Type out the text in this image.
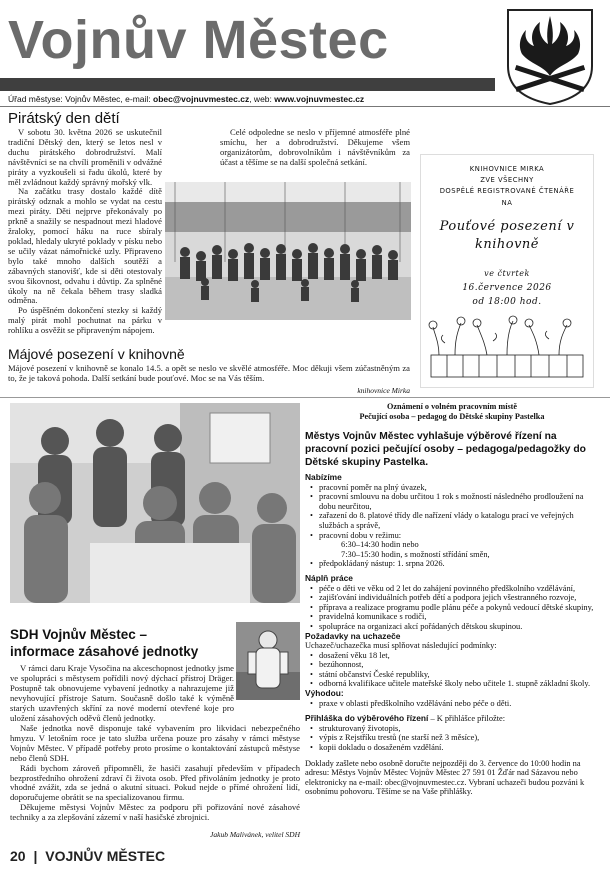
Vojnův Městec
Úřad městyse: Vojnův Městec, e-mail: obec@vojnuvmestec.cz, web: www.vojnuvmestec.cz
Pirátský den dětí

V sobotu 30. května 2026 se uskutečnil tradiční Dětský den, který se letos nesl v duchu pirátského dobrodružství. Malí návštěvníci se na chvíli proměnili v odvážné piráty a vyzkoušeli si řadu úkolů, které by měl zvládnout každý správný mořský vlk.

Na začátku trasy dostalo každé dítě pirátský odznak a mohlo se vydat na cestu mezi piráty. Děti nejprve překonávaly po prkně a snažily se nespadnout mezi hladové žraloky, pomocí háku na ruce sbíraly poklad, hledaly ukryté poklady v písku nebo se učily vázat námořnické uzly. Připraveno bylo také mnoho dalších soutěží a zábavných stanovišť, kde si děti otestovaly svou šikovnost, odvahu i důvtip. Za splněné úkoly na ně čekala během trasy sladká odměna.

Po úspěšném dokončení stezky si každý malý pirát mohl pochutnat na párku v rohlíku a osvěžit se připraveným nápojem.

Celé odpoledne se neslo v příjemné atmosféře plné smíchu, her a dobrodružství. Děkujeme všem organizátorům, dobrovolníkům i návštěvníkům za účast a těšíme se na další společná setkání.

KNIHOVNICE MIRKA
ZVE VŠECHNY
DOSPĚLÉ REGISTROVANÉ ČTENÁŘE
NA
Pouťové posezení v
knihovně
ve čtvrtek
16.července 2026
od 18:00 hod.
Májové posezení v knihovně
Májové posezení v knihovně se konalo 14.5. a opět se neslo ve skvělé atmosféře. Moc děkuji všem zúčastněným za to, že je taková pohoda. Další setkání bude pouťové. Moc se na Vás těším.
knihovnice Mirka
SDH Vojnův Městec –
informace zásahové jednotky

V rámci daru Kraje Vysočina na akceschopnost jednotky jsme ve spolupráci s městysem pořídili nový dýchací přístroj Dräger. Postupně tak obnovujeme vybavení jednotky a nahrazujeme již nevyhovující přístroje Saturn. Současně došlo také k výměně starých uzavřených skříní za nové moderní otevřené koje pro uložení zásahových oděvů členů jednotky.

Naše jednotka nově disponuje také vybavením pro likvidaci nebezpečného hmyzu. V letošním roce je tato služba určena pouze pro zásahy v rámci městyse Vojnův Městec. V případě potřeby proto prosíme o kontaktování zástupců městyse nebo členů SDH.

Rádi bychom zároveň připomněli, že hasiči zasahují především v případech bezprostředního ohrožení zdraví či života osob. Před přivoláním jednotky je proto vhodné zvážit, zda se jedná o akutní situaci. Pokud nejde o přímé ohrožení lidí, doporučujeme obrátit se na specializovanou firmu.

Děkujeme městysi Vojnův Městec za podporu při pořizování nové zásahové techniky a za zlepšování zázemí v naší hasičské zbrojnici.

Jakub Malivánek, velitel SDH
Oznámení o volném pracovním místě
Pečující osoba – pedagog do Dětské skupiny Pastelka
Městys Vojnův Městec vyhlašuje výběrové řízení na pracovní pozici pečující osoby – pedagoga/pedagožky do Dětské skupiny Pastelka.
Nabízíme
• pracovní poměr na plný úvazek,
• pracovní smlouvu na dobu určitou 1 rok s možností následného prodloužení na dobu neurčitou,
• zařazení do 8. platové třídy dle nařízení vlády o katalogu prací ve veřejných službách a správě,
• pracovní dobu v režimu:
6:30–14:30 hodin nebo
7:30–15:30 hodin, s možností střídání směn,
• předpokládaný nástup: 1. srpna 2026.
Náplň práce
• péče o děti ve věku od 2 let do zahájení povinného předškolního vzdělávání,
• zajišťování individuálních potřeb dětí a podpora jejich všestranného rozvoje,
• příprava a realizace programu podle plánu péče a pokynů vedoucí dětské skupiny,
• pravidelná komunikace s rodiči,
• spolupráce na organizaci akcí pořádaných dětskou skupinou.
Požadavky na uchazeče
Uchazeč/uchazečka musí splňovat následující podmínky:
• dosažení věku 18 let,
• bezúhonnost,
• státní občanství České republiky,
• odborná kvalifikace učitele mateřské školy nebo učitele 1. stupně základní školy.
Výhodou:
• praxe v oblasti předškolního vzdělávání nebo péče o děti.
Přihláška do výběrového řízení – K přihlášce přiložte:
• strukturovaný životopis,
• výpis z Rejstříku trestů (ne starší než 3 měsíce),
• kopii dokladu o dosaženém vzdělání.
Doklady zašlete nebo osobně doručte nejpozději do 3. července do 10:00 hodin na adresu: Městys Vojnův Městec Vojnův Městec 27 591 01 Žďár nad Sázavou nebo elektronicky na e-mail: obec@vojnuvmestec.cz. Vybraní uchazeči budou pozváni k osobnímu pohovoru. Těšíme se na Vaše přihlášky.
20 | VOJNŮV MĚSTEC
